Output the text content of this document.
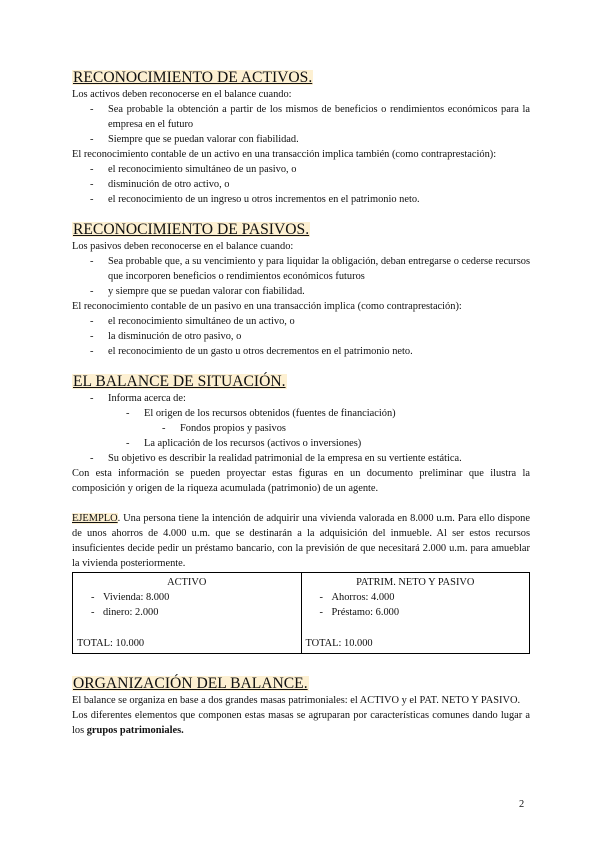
RECONOCIMIENTO DE ACTIVOS.

Los activos deben reconocerse en el balance cuando:

- Sea probable la obtención a partir de los mismos de beneficios o rendimientos económicos para la empresa en el futuro
- Siempre que se puedan valorar con fiabilidad.

El reconocimiento contable de un activo en una transacción implica también (como contraprestación):

- el reconocimiento simultáneo de un pasivo, o
- disminución de otro activo, o
- el reconocimiento de un ingreso u otros incrementos en el patrimonio neto.
RECONOCIMIENTO DE PASIVOS.

Los pasivos deben reconocerse en el balance cuando:

- Sea probable que, a su vencimiento y para liquidar la obligación, deban entregarse o cederse recursos que incorporen beneficios o rendimientos económicos futuros
- y siempre que se puedan valorar con fiabilidad.

El reconocimiento contable de un pasivo en una transacción implica (como contraprestación):

- el reconocimiento simultáneo de un activo, o
- la disminución de otro pasivo, o
- el reconocimiento de un gasto u otros decrementos en el patrimonio neto.
EL BALANCE DE SITUACIÓN.
- Informa acerca de:
- El origen de los recursos obtenidos (fuentes de financiación)
- Fondos propios y pasivos
- La aplicación de los recursos (activos o inversiones)
- Su objetivo es describir la realidad patrimonial de la empresa en su vertiente estática.

Con esta información se pueden proyectar estas figuras en un documento preliminar que ilustra la composición y origen de la riqueza acumulada (patrimonio) de un agente.

EJEMPLO. Una persona tiene la intención de adquirir una vivienda valorada en 8.000 u.m. Para ello dispone de unos ahorros de 4.000 u.m. que se destinarán a la adquisición del inmueble. Al ser estos recursos insuficientes decide pedir un préstamo bancario, con la previsión de que necesitará 2.000 u.m. para amueblar la vivienda posteriormente.

ACTIVO
- Vivienda: 8.000
- dinero: 2.000
TOTAL: 10.000

PATRIM. NETO Y PASIVO
- Ahorros: 4.000
- Préstamo: 6.000
TOTAL: 10.000
ORGANIZACIÓN DEL BALANCE.

El balance se organiza en base a dos grandes masas patrimoniales: el ACTIVO y el PAT. NETO Y PASIVO.

Los diferentes elementos que componen estas masas se agruparan por características comunes dando lugar a los grupos patrimoniales.

2
